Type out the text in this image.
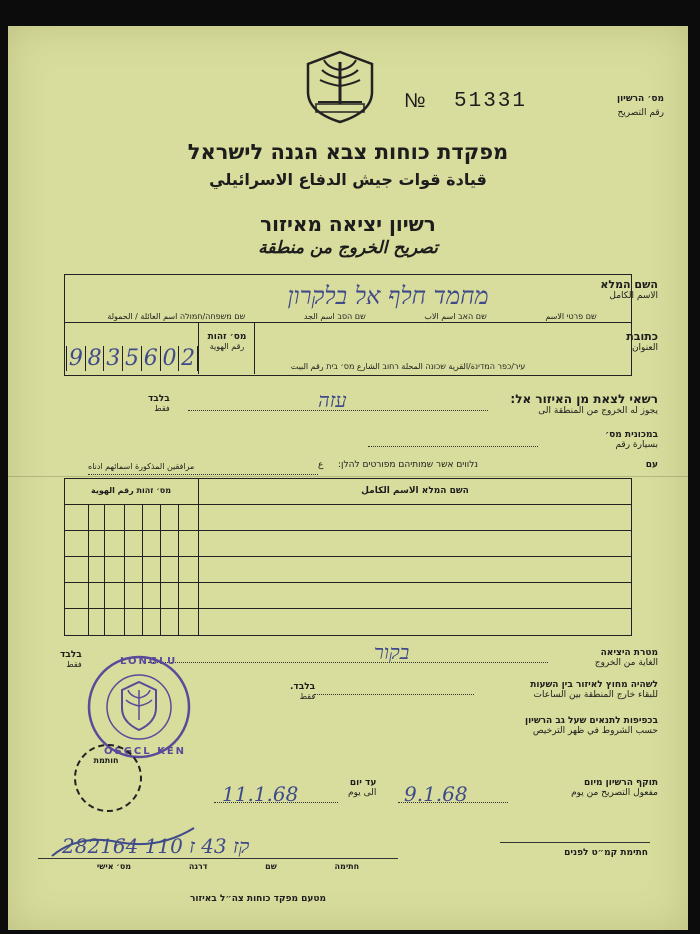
מס׳ הרשיון
رقم التصريح
№ 51331
מפקדת כוחות צבא הגנה לישראל
قيادة قوات جيش الدفاع الاسرائيلي
רשיון יציאה מאיזור
تصريح الخروج من منطقة
השם המלא
الاسم الكامل
מחמד חלף אל בלקרון
שם פרטי الاسم
שם האב اسم الاب
שם הסב اسم الجد
שם משפחה/חמולה اسم العائلة / الحمولة
9 8 3 5 6 0 2
מס׳ זהות
رقم الهوية
כתובת
العنوان
עיר/כפר המדינة/القرية שכונה المحلة רחוב الشارع מס׳ בית رقم البيت
רשאי לצאת מן האיזור אל:
يجوز له الخروج من المنطقة الى
עזה
בלבד
فقط
במכונית מס׳
بسيارة رقم
עם
נלווים אשר שמותיהם מפורטים להלן:
مرافقين المذكورة اسمائهم ادناه	ع
השם המלא الاسم الكامل
מס׳ זהות رقم الهوية
מטרת היציאה
الغاية من الخروج
בקור
בלבד
فقط
לשהיה מחוץ לאיזור בין השעות
للبقاء خارج المنطقة بين الساعات
בלבד.
فقط
בכפיפות לתנאים שעל גב הרשיון
حسب الشروط في ظهر الترخيص
LONGLU
OSGCL KEN
חותמת
תוקף הרשיון מיום
مفعول التصريح من يوم
9.1.68
עד יום
الى يوم
11.1.68
282164 110 קז 43 ז
מס׳ אישי	דרגה	שם	חתימה
חתימת קמ״ט לפנים
מטעם מפקד כוחות צה״ל באיזור
